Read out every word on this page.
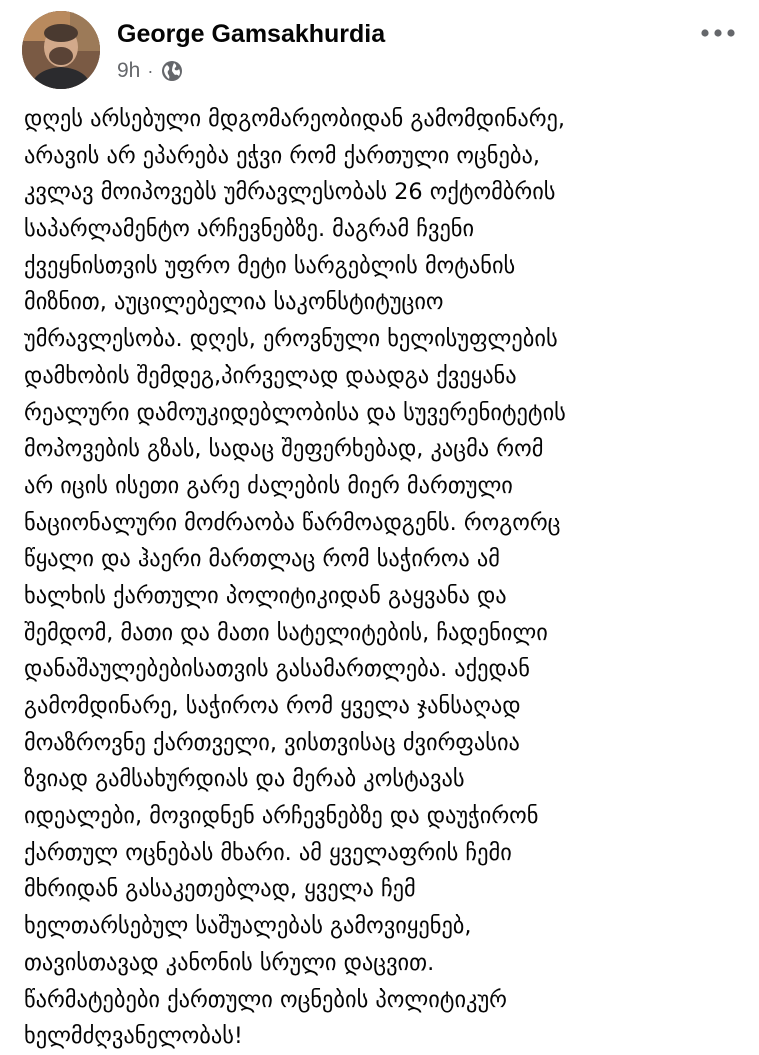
George Gamsakhurdia
9h ·
დღეს არსებული მდგომარეობიდან გამომდინარე,
არავის არ ეპარება ეჭვი რომ ქართული ოცნება,
კვლავ მოიპოვებს უმრავლესობას 26 ოქტომბრის
საპარლამენტო არჩევნებზე. მაგრამ ჩვენი
ქვეყნისთვის უფრო მეტი სარგებლის მოტანის
მიზნით, აუცილებელია საკონსტიტუციო
უმრავლესობა. დღეს, ეროვნული ხელისუფლების
დამხობის შემდეგ,პირველად დაადგა ქვეყანა
რეალური დამოუკიდებლობისა და სუვერენიტეტის
მოპოვების გზას, სადაც შეფერხებად, კაცმა რომ
არ იცის ისეთი გარე ძალების მიერ მართული
ნაციონალური მოძრაობა წარმოადგენს. როგორც
წყალი და ჰაერი მართლაც რომ საჭიროა ამ
ხალხის ქართული პოლიტიკიდან გაყვანა და
შემდომ, მათი და მათი სატელიტების, ჩადენილი
დანაშაულებებისათვის გასამართლება. აქედან
გამომდინარე, საჭიროა რომ ყველა ჯანსაღად
მოაზროვნე ქართველი, ვისთვისაც ძვირფასია
ზვიად გამსახურდიას და მერაბ კოსტავას
იდეალები, მოვიდნენ არჩევნებზე და დაუჭირონ
ქართულ ოცნებას მხარი. ამ ყველაფრის ჩემი
მხრიდან გასაკეთებლად, ყველა ჩემ
ხელთარსებულ საშუალებას გამოვიყენებ,
თავისთავად კანონის სრული დაცვით.
წარმატებები ქართული ოცნების პოლიტიკურ
ხელმძღვანელობას!
